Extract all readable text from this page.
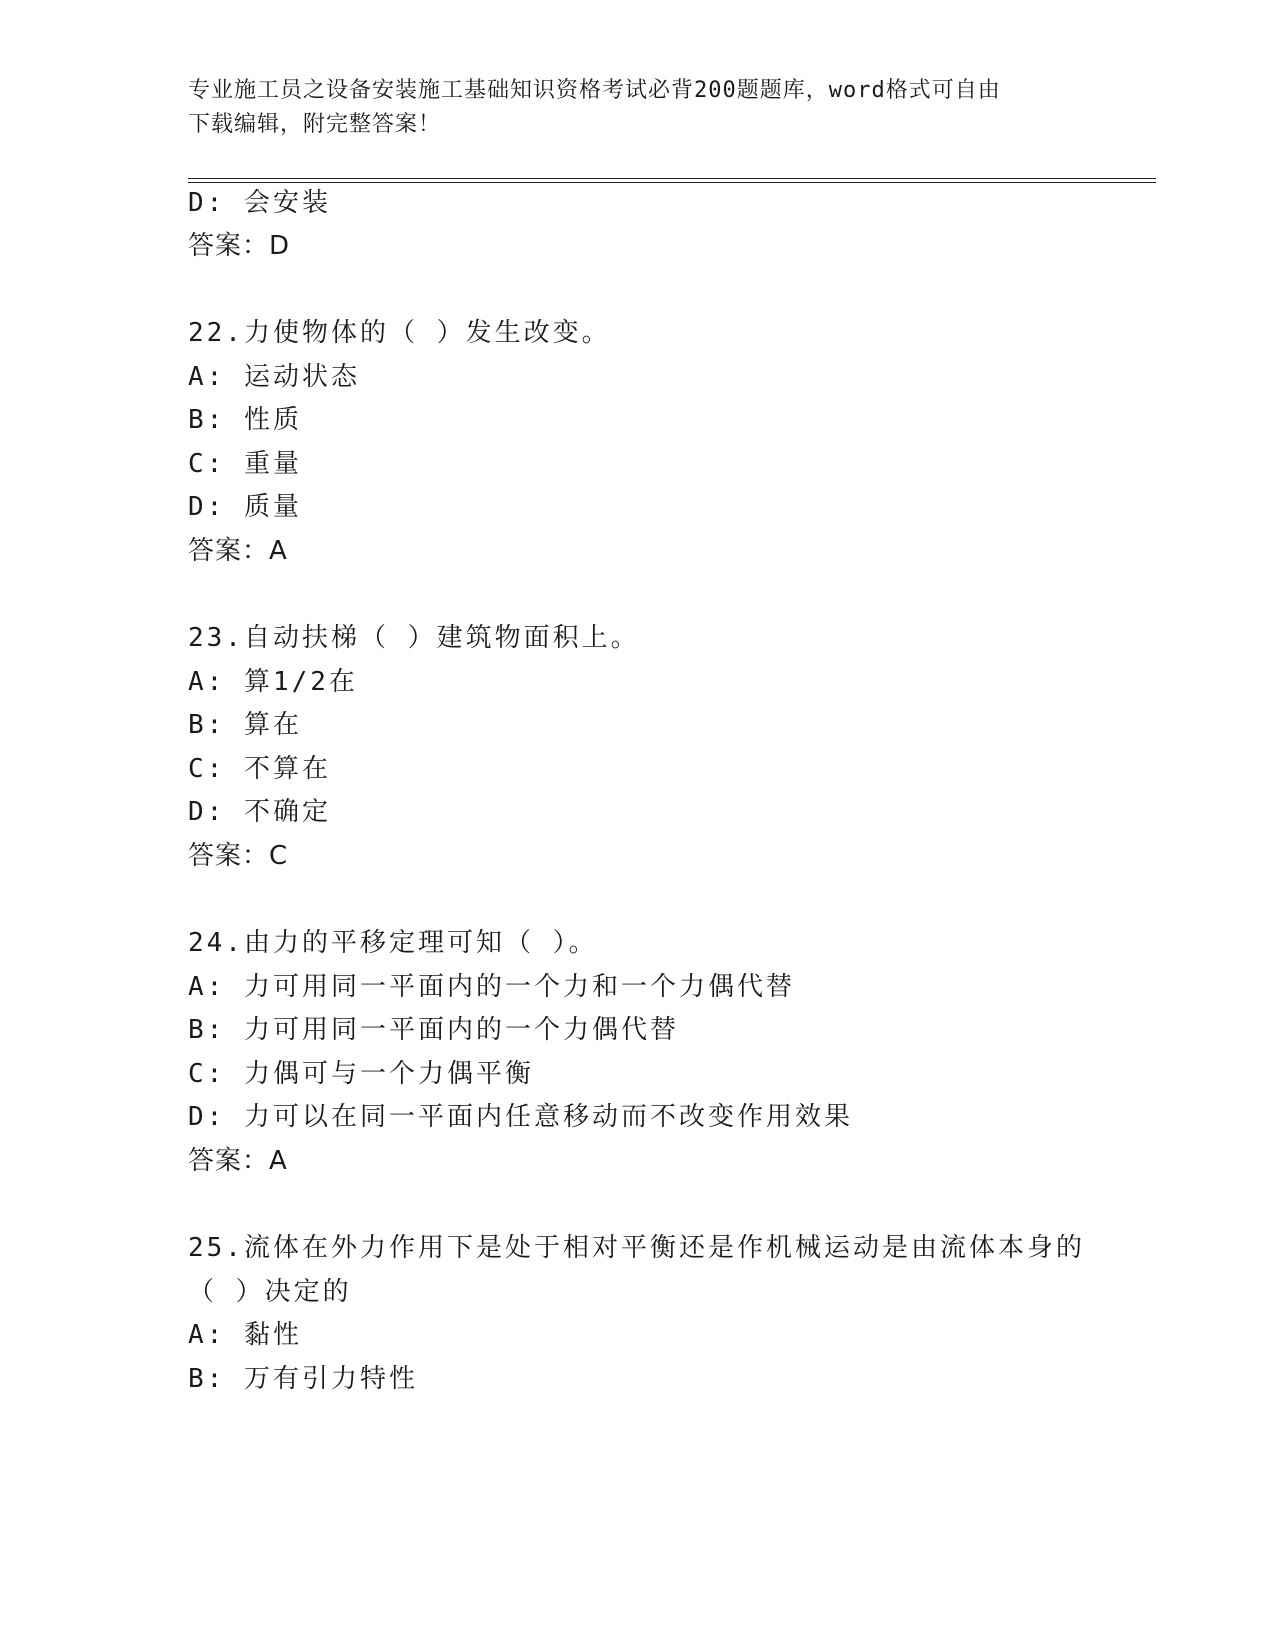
专业施工员之设备安装施工基础知识资格考试必背200题题库，word格式可自由
下载编辑，附完整答案！
D: 会安装
答案：D
22.力使物体的（ ）发生改变。
A: 运动状态
B: 性质
C: 重量
D: 质量
答案：A
23.自动扶梯（ ）建筑物面积上。
A: 算1/2在
B: 算在
C: 不算在
D: 不确定
答案：C
24.由力的平移定理可知（ ）。
A: 力可用同一平面内的一个力和一个力偶代替
B: 力可用同一平面内的一个力偶代替
C: 力偶可与一个力偶平衡
D: 力可以在同一平面内任意移动而不改变作用效果
答案：A
25.流体在外力作用下是处于相对平衡还是作机械运动是由流体本身的
（ ）决定的
A: 黏性
B: 万有引力特性
